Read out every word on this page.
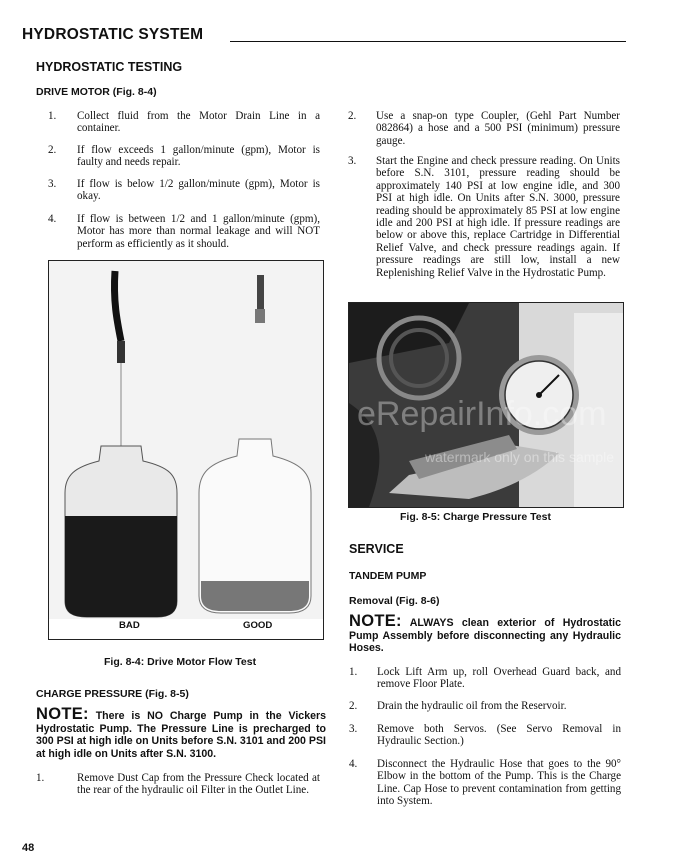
HYDROSTATIC SYSTEM
HYDROSTATIC TESTING
DRIVE MOTOR (Fig. 8-4)
1. Collect fluid from the Motor Drain Line in a container.
2. If flow exceeds 1 gallon/minute (gpm), Motor is faulty and needs repair.
3. If flow is below 1/2 gallon/minute (gpm), Motor is okay.
4. If flow is between 1/2 and 1 gallon/minute (gpm), Motor has more than normal leakage and will NOT perform as efficiently as it should.
BAD	GOOD
Fig. 8-4: Drive Motor Flow Test
CHARGE PRESSURE (Fig. 8-5)
NOTE: There is NO Charge Pump in the Vickers Hydrostatic Pump. The Pressure Line is precharged to 300 PSI at high idle on Units before S.N. 3101 and 200 PSI at high idle on Units after S.N. 3100.
1.	Remove Dust Cap from the Pressure Check located at the rear of the hydraulic oil Filter in the Outlet Line.
2. Use a snap-on type Coupler, (Gehl Part Number 082864) a hose and a 500 PSI (minimum) pressure gauge.
3. Start the Engine and check pressure reading. On Units before S.N. 3101, pressure reading should be approximately 140 PSI at low engine idle, and 300 PSI at high idle. On Units after S.N. 3000, pressure reading should be approximately 85 PSI at low engine idle and 200 PSI at high idle. If pressure readings are below or above this, replace Cartridge in Differential Relief Valve, and check pressure readings again. If pressure readings are still low, install a new Replenishing Relief Valve in the Hydrostatic Pump.
eRepairInfo.com
watermark only on this sample
Fig. 8-5: Charge Pressure Test
SERVICE
TANDEM PUMP
Removal (Fig. 8-6)
NOTE: ALWAYS clean exterior of Hydrostatic Pump Assembly before disconnecting any Hydraulic Hoses.
1. Lock Lift Arm up, roll Overhead Guard back, and remove Floor Plate.
2. Drain the hydraulic oil from the Reservoir.
3. Remove both Servos. (See Servo Removal in Hydraulic Section.)
4. Disconnect the Hydraulic Hose that goes to the 90° Elbow in the bottom of the Pump. This is the Charge Line. Cap Hose to prevent contamination from getting into System.
48
